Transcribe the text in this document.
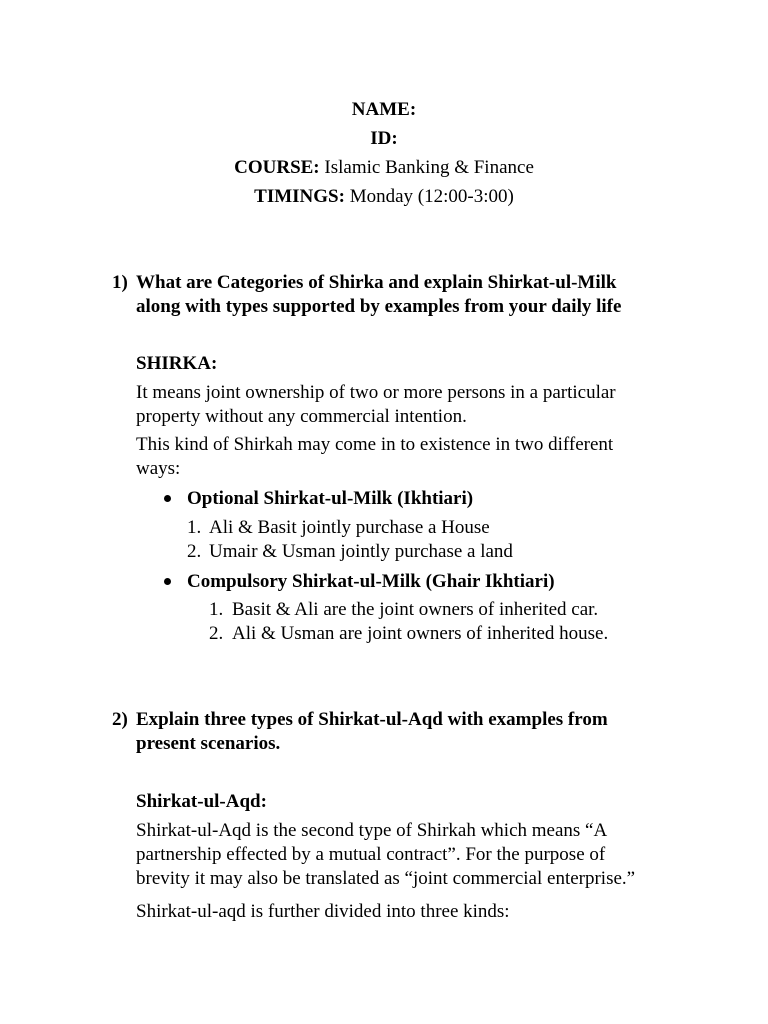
NAME:
ID:
COURSE: Islamic Banking & Finance
TIMINGS: Monday (12:00-3:00)
1) What are Categories of Shirka and explain Shirkat-ul-Milk
along with types supported by examples from your daily life
SHIRKA:
It means joint ownership of two or more persons in a particular
property without any commercial intention.
This kind of Shirkah may come in to existence in two different
ways:
Optional Shirkat-ul-Milk (Ikhtiari)
1. Ali & Basit jointly purchase a House
2. Umair & Usman jointly purchase a land
Compulsory Shirkat-ul-Milk (Ghair Ikhtiari)
1. Basit & Ali are the joint owners of inherited car.
2. Ali & Usman are joint owners of inherited house.
2) Explain three types of Shirkat-ul-Aqd with examples from
present scenarios.
Shirkat-ul-Aqd:
Shirkat-ul-Aqd is the second type of Shirkah which means “A
partnership effected by a mutual contract”. For the purpose of
brevity it may also be translated as “joint commercial enterprise.”
Shirkat-ul-aqd is further divided into three kinds:
